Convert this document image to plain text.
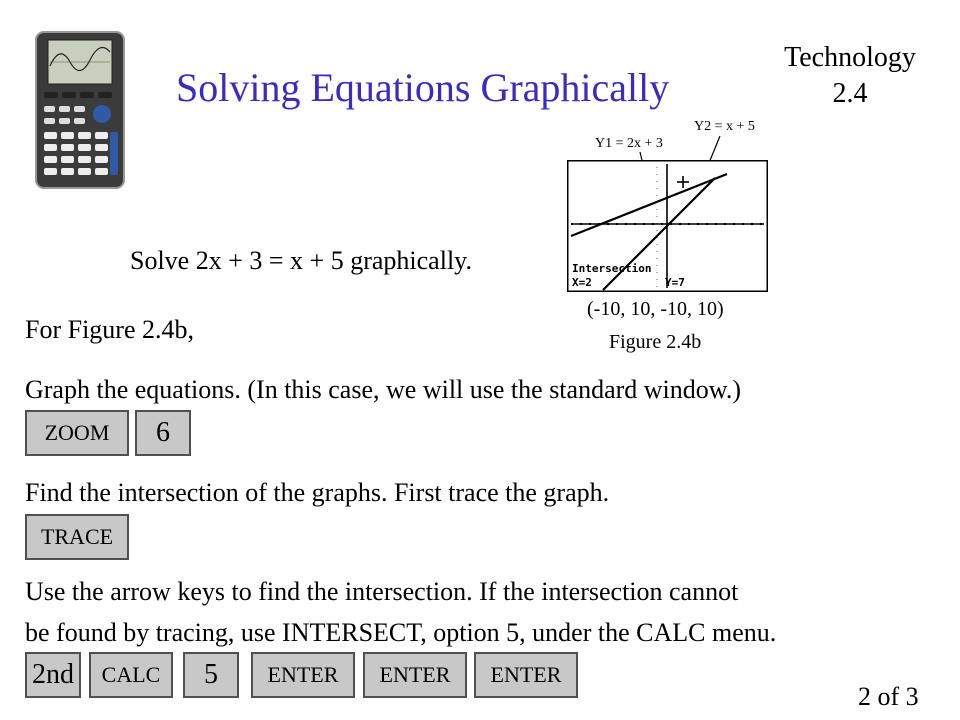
Solving Equations Graphically
Technology
2.4
Y1 = 2x + 3
Y2 = x + 5
Intersection
X=2	Y=7
(-10, 10, -10, 10)
Figure 2.4b
Solve 2x + 3 = x + 5 graphically.
For Figure 2.4b,
Graph the equations. (In this case, we will use the standard window.)
ZOOM	6
Find the intersection of the graphs. First trace the graph.
TRACE
Use the arrow keys to find the intersection. If the intersection cannot
be found by tracing, use INTERSECT, option 5, under the CALC menu.
2nd	CALC	5	ENTER	ENTER	ENTER
2 of 3
